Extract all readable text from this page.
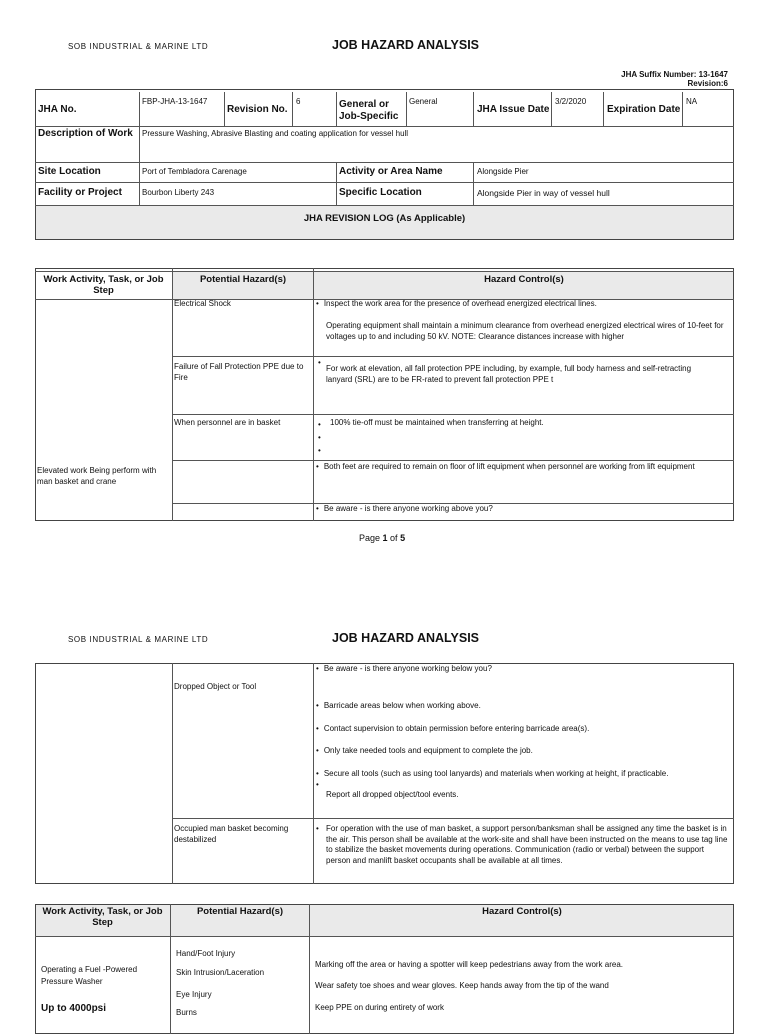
SOB INDUSTRIAL & MARINE LTD	JOB HAZARD ANALYSIS
JHA Suffix Number: 13-1647
Revision:6
JHA No.
FBP-JHA-13-1647
Revision No.
6	General or Job-Specific
General
JHA Issue Date
3/2/2020
Expiration Date
NA
Description of Work Pressure Washing, Abrasive Blasting and coating application for vessel hull
Site Location	Port of Tembladora Carenage	Activity or Area Name	Alongside Pier
Facility or Project	Bourbon Liberty 243	Specific Location	Alongside Pier in way of vessel hull
JHA REVISION LOG (As Applicable)
Work Activity, Task, or Job Step
Potential Hazard(s)	Hazard Control(s)
Elevated work Being perform with man basket and crane
Electrical Shock
•	Inspect the work area for the presence of overhead energized electrical lines.
Operating equipment shall maintain a minimum clearance from overhead energized electrical wires of 10-feet for voltages up to and including 50 kV. NOTE: Clearance distances increase with higher
Failure of Fall Protection PPE due to Fire
•
For work at elevation, all fall protection PPE including, by example, full body harness and self-retracting lanyard (SRL) are to be FR-rated to prevent fall protection PPE t
When personnel are in basket	• 100% tie-off must be maintained when transferring at height.
•
•
• Both feet are required to remain on floor of lift equipment when personnel are working from lift equipment
• Be aware - is there anyone working above you?
Page 1 of 5
SOB INDUSTRIAL & MARINE LTD	JOB HAZARD ANALYSIS
• Be aware - is there anyone working below you?
Dropped Object or Tool
• Barricade areas below when working above.
• Contact supervision to obtain permission before entering barricade area(s).
• Only take needed tools and equipment to complete the job.
• Secure all tools (such as using tool lanyards) and materials when working at height, if practicable.
•
Report all dropped object/tool events.
Occupied man basket becoming destabilized
• For operation with the use of man basket, a support person/banksman shall be assigned any time the basket is in the air. This person shall be available at the work-site and shall have been instructed on the means to use tag line to stabilize the basket movements during operations. Communication (radio or verbal) between the support person and manlift basket occupants shall be available at all times.
Work Activity, Task, or Job Step
Potential Hazard(s)	Hazard Control(s)
Operating a Fuel -Powered Pressure Washer
Up to 4000psi
Hand/Foot Injury
Skin Intrusion/Laceration
Eye Injury
Burns
Marking off the area or having a spotter will keep pedestrians away from the work area.
Wear safety toe shoes and wear gloves. Keep hands away from the tip of the wand
Keep PPE on during entirety of work
